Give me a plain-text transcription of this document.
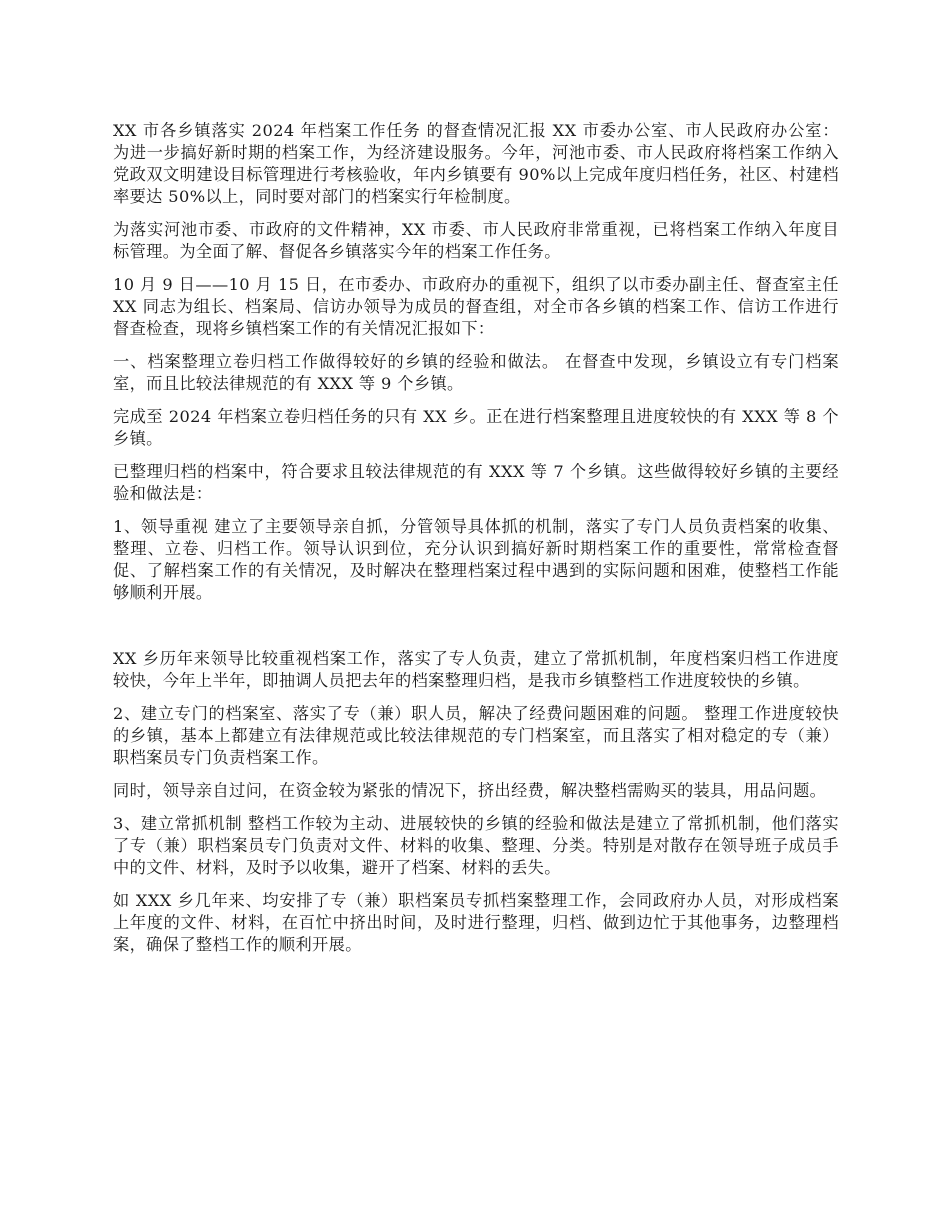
XX 市各乡镇落实 2024 年档案工作任务 的督查情况汇报 XX 市委办公室、市人民政府办公室： 为进一步搞好新时期的档案工作，为经济建设服务。今年，河池市委、市人民政府将档案工作纳入党政双文明建设目标管理进行考核验收，年内乡镇要有 90%以上完成年度归档任务，社区、村建档率要达 50%以上，同时要对部门的档案实行年检制度。

为落实河池市委、市政府的文件精神，XX 市委、市人民政府非常重视，已将档案工作纳入年度目标管理。为全面了解、督促各乡镇落实今年的档案工作任务。

10 月 9 日——10 月 15 日，在市委办、市政府办的重视下，组织了以市委办副主任、督查室主任 XX 同志为组长、档案局、信访办领导为成员的督查组，对全市各乡镇的档案工作、信访工作进行督查检查，现将乡镇档案工作的有关情况汇报如下：

一、档案整理立卷归档工作做得较好的乡镇的经验和做法。 在督查中发现，乡镇设立有专门档案室，而且比较法律规范的有 XXX 等 9 个乡镇。

完成至 2024 年档案立卷归档任务的只有 XX 乡。正在进行档案整理且进度较快的有 XXX 等 8 个乡镇。

已整理归档的档案中，符合要求且较法律规范的有 XXX 等 7 个乡镇。这些做得较好乡镇的主要经验和做法是：

1、领导重视 建立了主要领导亲自抓，分管领导具体抓的机制，落实了专门人员负责档案的收集、整理、立卷、归档工作。领导认识到位，充分认识到搞好新时期档案工作的重要性，常常检查督促、了解档案工作的有关情况，及时解决在整理档案过程中遇到的实际问题和困难，使整档工作能够顺利开展。

XX 乡历年来领导比较重视档案工作，落实了专人负责，建立了常抓机制，年度档案归档工作进度较快，今年上半年，即抽调人员把去年的档案整理归档，是我市乡镇整档工作进度较快的乡镇。

2、建立专门的档案室、落实了专（兼）职人员，解决了经费问题困难的问题。 整理工作进度较快的乡镇，基本上都建立有法律规范或比较法律规范的专门档案室，而且落实了相对稳定的专（兼）职档案员专门负责档案工作。

同时，领导亲自过问，在资金较为紧张的情况下，挤出经费，解决整档需购买的装具，用品问题。

3、建立常抓机制 整档工作较为主动、进展较快的乡镇的经验和做法是建立了常抓机制，他们落实了专（兼）职档案员专门负责对文件、材料的收集、整理、分类。特别是对散存在领导班子成员手中的文件、材料，及时予以收集，避开了档案、材料的丢失。

如 XXX 乡几年来、均安排了专（兼）职档案员专抓档案整理工作，会同政府办人员，对形成档案上年度的文件、材料，在百忙中挤出时间，及时进行整理，归档、做到边忙于其他事务，边整理档案，确保了整档工作的顺利开展。
